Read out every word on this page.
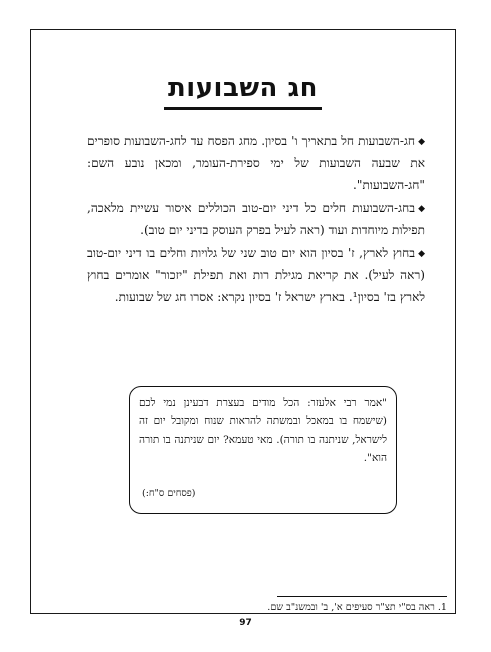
חג השבועות

◆חג-השבועות חל בתאריך ו' בסיון. מחג הפסח עד לחג-השבועות סופרים את שבעה השבועות של ימי ספירת-העומר, ומכאן נובע השם: "חג-השבועות".

◆בחג-השבועות חלים כל דיני יום-טוב הכוללים איסור עשיית מלאכה, תפילות מיוחדות ועוד (ראה לעיל בפרק העוסק בדיני יום טוב).

◆בחוץ לארץ, ז' בסיון הוא יום טוב שני של גלויות וחלים בו דיני יום-טוב (ראה לעיל). את קריאת מגילת רות ואת תפילת "יזכור" אומרים בחוץ לארץ בז' בסיון¹. בארץ ישראל ז' בסיון נקרא: אסרו חג של שבועות.

"אמר רבי אלעזר: הכל מודים בעצרת דבעינן נמי לכם (שישמח בו במאכל ובמשתה להראות שנוח ומקובל יום זה לישראל, שניתנה בו תורה). מאי טעמא? יום שניתנה בו תורה הוא".

(פסחים ס"ח:)
1. ראה בס"י תצ"ר סעיפים א', ב' ובמשנ"ב שם.
97
